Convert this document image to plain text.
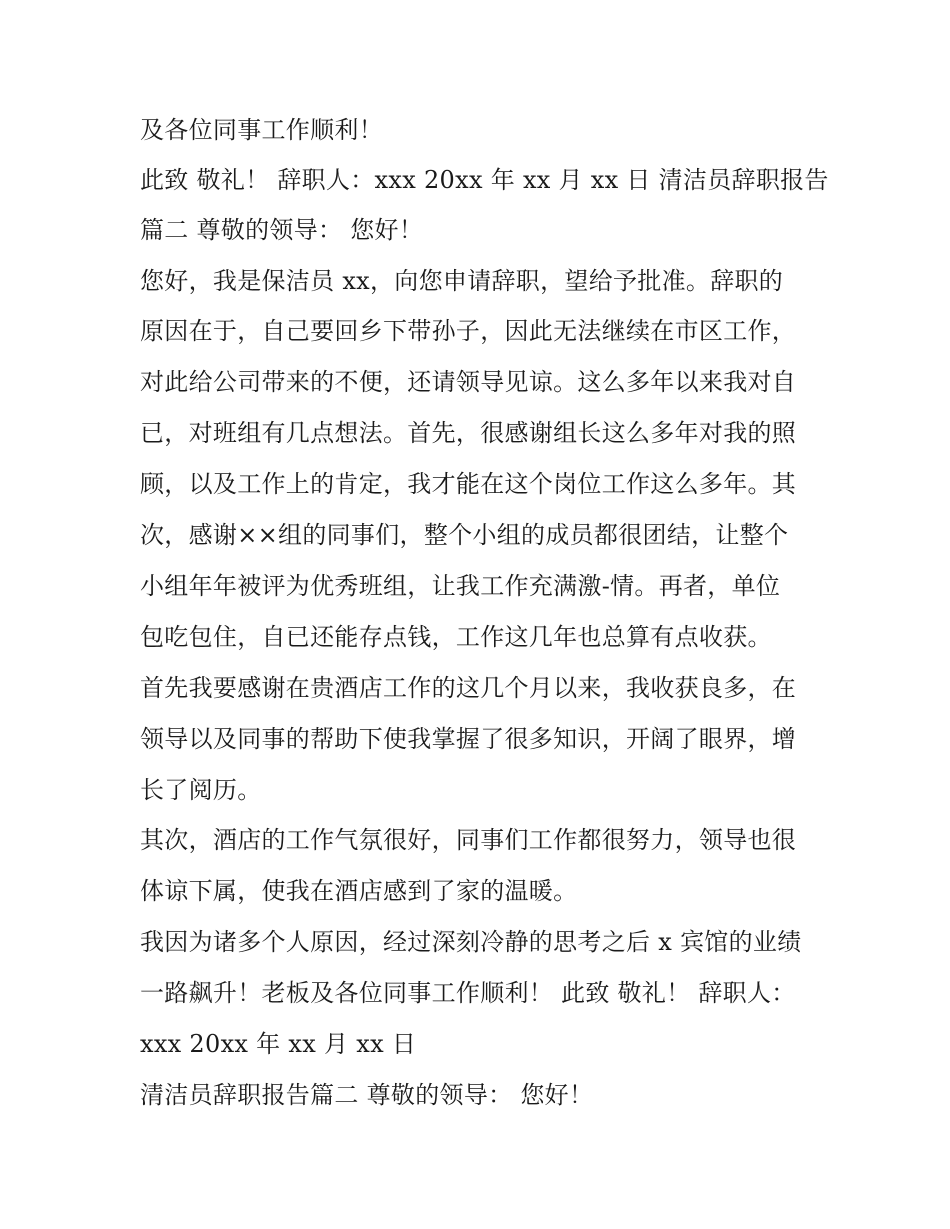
及各位同事工作顺利！
此致 敬礼！ 辞职人：xxx 20xx 年 xx 月 xx 日 清洁员辞职报告
篇二 尊敬的领导： 您好！
您好，我是保洁员 xx，向您申请辞职，望给予批准。辞职的
原因在于，自己要回乡下带孙子，因此无法继续在市区工作，
对此给公司带来的不便，还请领导见谅。这么多年以来我对自
已，对班组有几点想法。首先，很感谢组长这么多年对我的照
顾，以及工作上的肯定，我才能在这个岗位工作这么多年。其
次，感谢××组的同事们，整个小组的成员都很团结，让整个
小组年年被评为优秀班组，让我工作充满激-情。再者，单位
包吃包住，自已还能存点钱，工作这几年也总算有点收获。
首先我要感谢在贵酒店工作的这几个月以来，我收获良多，在
领导以及同事的帮助下使我掌握了很多知识，开阔了眼界，增
长了阅历。
其次，酒店的工作气氛很好，同事们工作都很努力，领导也很
体谅下属，使我在酒店感到了家的温暖。
我因为诸多个人原因，经过深刻冷静的思考之后 x 宾馆的业绩
一路飙升！老板及各位同事工作顺利！ 此致 敬礼！ 辞职人：
xxx 20xx 年 xx 月 xx 日
清洁员辞职报告篇二 尊敬的领导： 您好！
